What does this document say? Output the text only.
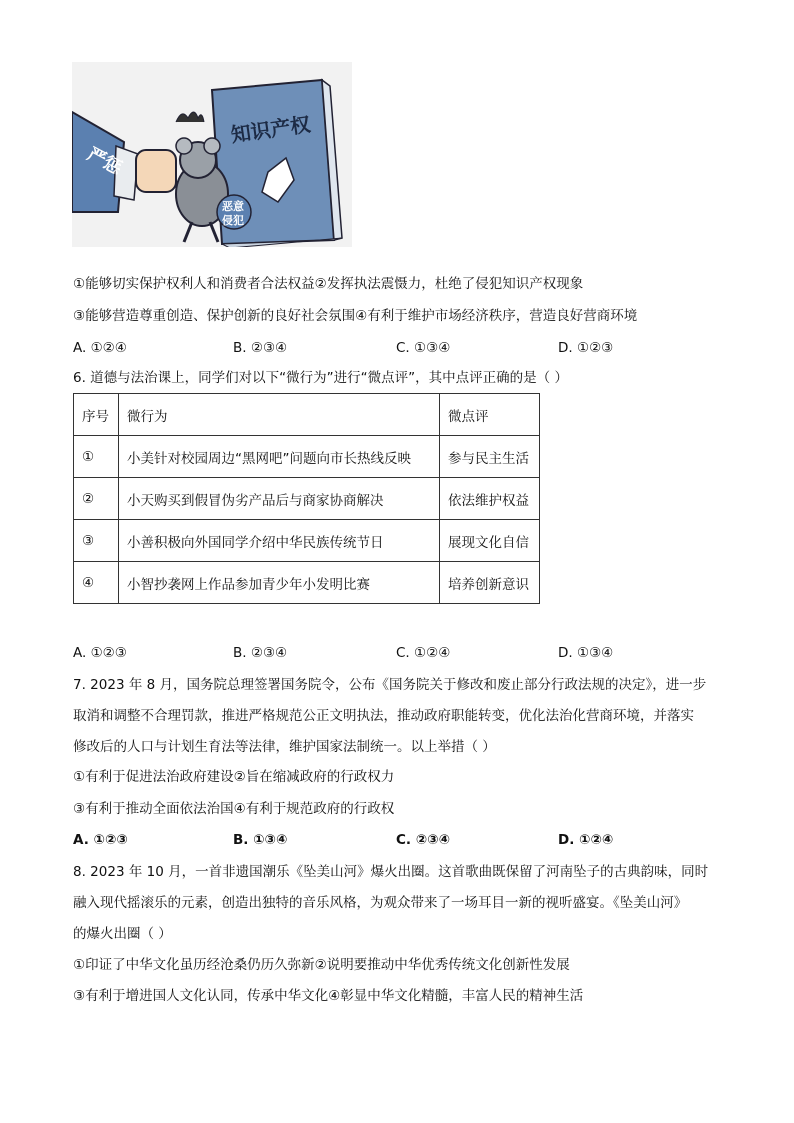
严惩
知识产权
恶意
侵犯
①能够切实保护权利人和消费者合法权益②发挥执法震慑力，杜绝了侵犯知识产权现象
③能够营造尊重创造、保护创新的良好社会氛围④有利于维护市场经济秩序，营造良好营商环境
A. ①②④	B. ②③④	C. ①③④	D. ①②③
6. 道德与法治课上，同学们对以下“微行为”进行“微点评”，其中点评正确的是（ ）
序号	微行为	微点评
①	小美针对校园周边“黑网吧”问题向市长热线反映	参与民主生活
②	小天购买到假冒伪劣产品后与商家协商解决	依法维护权益
③	小善积极向外国同学介绍中华民族传统节日	展现文化自信
④	小智抄袭网上作品参加青少年小发明比赛	培养创新意识
A. ①②③	B. ②③④	C. ①②④	D. ①③④
7. 2023 年 8 月，国务院总理签署国务院令，公布《国务院关于修改和废止部分行政法规的决定》，进一步
取消和调整不合理罚款，推进严格规范公正文明执法，推动政府职能转变，优化法治化营商环境，并落实
修改后的人口与计划生育法等法律，维护国家法制统一。以上举措（ ）
①有利于促进法治政府建设②旨在缩减政府的行政权力
③有利于推动全面依法治国④有利于规范政府的行政权
A. ①②③	B. ①③④	C. ②③④	D. ①②④
8. 2023 年 10 月，一首非遗国潮乐《坠美山河》爆火出圈。这首歌曲既保留了河南坠子的古典韵味，同时
融入现代摇滚乐的元素，创造出独特的音乐风格，为观众带来了一场耳目一新的视听盛宴。《坠美山河》
的爆火出圈（ ）
①印证了中华文化虽历经沧桑仍历久弥新②说明要推动中华优秀传统文化创新性发展
③有利于增进国人文化认同，传承中华文化④彰显中华文化精髓，丰富人民的精神生活
